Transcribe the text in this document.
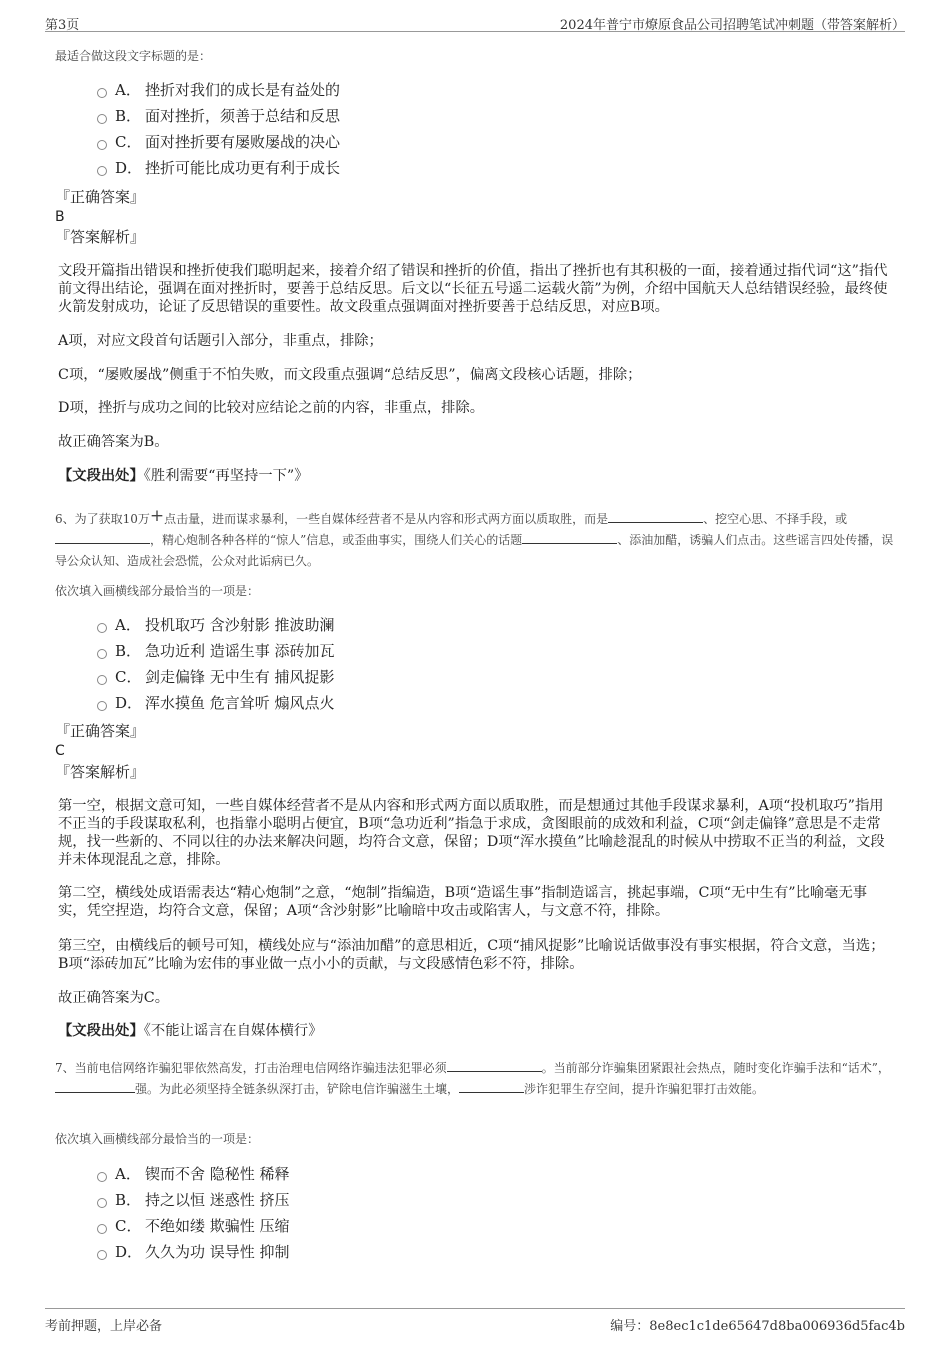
第3页	2024年普宁市燎原食品公司招聘笔试冲刺题（带答案解析）
最适合做这段文字标题的是：
A． 挫折对我们的成长是有益处的
B． 面对挫折，须善于总结和反思
C． 面对挫折要有屡败屡战的决心
D． 挫折可能比成功更有利于成长
『正确答案』
B
『答案解析』
文段开篇指出错误和挫折使我们聪明起来，接着介绍了错误和挫折的价值，指出了挫折也有其积极的一面，接着通过指代词“这”指代前文得出结论，强调在面对挫折时，要善于总结反思。后文以“长征五号遥二运载火箭”为例，介绍中国航天人总结错误经验，最终使火箭发射成功，论证了反思错误的重要性。故文段重点强调面对挫折要善于总结反思，对应B项。
A项，对应文段首句话题引入部分，非重点，排除；
C项，“屡败屡战”侧重于不怕失败，而文段重点强调“总结反思”，偏离文段核心话题，排除；
D项，挫折与成功之间的比较对应结论之前的内容，非重点，排除。
故正确答案为B。
【文段出处】《胜利需要“再坚持一下”》
6、为了获取10万+点击量，进而谋求暴利，一些自媒体经营者不是从内容和形式两方面以质取胜，而是	、挖空心思、不择手段，或，精心炮制各种各样的“惊人”信息，或歪曲事实，围绕人们关心的话题	、添油加醋，诱骗人们点击。这些谣言四处传播，误导公众认知、造成社会恐慌，公众对此诟病已久。
依次填入画横线部分最恰当的一项是：
A． 投机取巧 含沙射影 推波助澜
B． 急功近利 造谣生事 添砖加瓦
C． 剑走偏锋 无中生有 捕风捉影
D． 浑水摸鱼 危言耸听 煽风点火
『正确答案』
C
『答案解析』
第一空，根据文意可知，一些自媒体经营者不是从内容和形式两方面以质取胜，而是想通过其他手段谋求暴利，A项“投机取巧”指用不正当的手段谋取私利，也指靠小聪明占便宜，B项“急功近利”指急于求成，贪图眼前的成效和利益，C项“剑走偏锋”意思是不走常规，找一些新的、不同以往的办法来解决问题，均符合文意，保留；D项“浑水摸鱼”比喻趁混乱的时候从中捞取不正当的利益，文段并未体现混乱之意，排除。
第二空，横线处成语需表达“精心炮制”之意，“炮制”指编造，B项“造谣生事”指制造谣言，挑起事端，C项“无中生有”比喻毫无事实，凭空捏造，均符合文意，保留；A项“含沙射影”比喻暗中攻击或陷害人，与文意不符，排除。
第三空，由横线后的顿号可知，横线处应与“添油加醋”的意思相近，C项“捕风捉影”比喻说话做事没有事实根据，符合文意，当选；B项“添砖加瓦”比喻为宏伟的事业做一点小小的贡献，与文段感情色彩不符，排除。
故正确答案为C。
【文段出处】《不能让谣言在自媒体横行》
7、当前电信网络诈骗犯罪依然高发，打击治理电信网络诈骗违法犯罪必须	。当前部分诈骗集团紧跟社会热点，随时变化诈骗手法和“话术”，强。为此必须坚持全链条纵深打击，铲除电信诈骗滋生土壤，	涉诈犯罪生存空间，提升诈骗犯罪打击效能。
依次填入画横线部分最恰当的一项是：
A． 锲而不舍 隐秘性 稀释
B． 持之以恒 迷惑性 挤压
C． 不绝如缕 欺骗性 压缩
D． 久久为功 误导性 抑制
考前押题，上岸必备	编号：8e8ec1c1de65647d8ba006936d5fac4b
